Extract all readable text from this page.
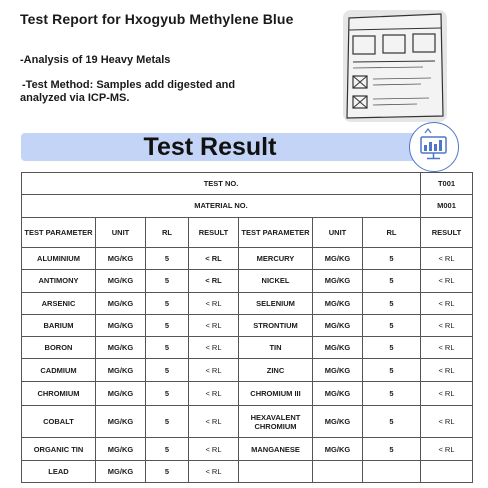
Test Report for Hxogyub Methylene Blue
-Analysis of 19 Heavy Metals
-Test Method: Samples add digested and
analyzed via ICP-MS.
Test Result
TEST NO.							T001
MATERIAL NO.							M001
TEST PARAMETER	UNIT	RL	RESULT	TEST PARAMETER	UNIT	RL	RESULT
ALUMINIUM	MG/KG	5	< RL	MERCURY	MG/KG	5	< RL
ANTIMONY	MG/KG	5	< RL	NICKEL	MG/KG	5	< RL
ARSENIC	MG/KG	5	< RL	SELENIUM	MG/KG	5	< RL
BARIUM	MG/KG	5	< RL	STRONTIUM	MG/KG	5	< RL
BORON	MG/KG	5	< RL	TIN	MG/KG	5	< RL
CADMIUM	MG/KG	5	< RL	ZINC	MG/KG	5	< RL
CHROMIUM	MG/KG	5	< RL	CHROMIUM III	MG/KG	5	< RL
COBALT	MG/KG	5	< RL	HEXAVALENT CHROMIUM	MG/KG	5	< RL
ORGANIC TIN	MG/KG	5	< RL	MANGANESE	MG/KG	5	< RL
LEAD	MG/KG	5	< RL				
